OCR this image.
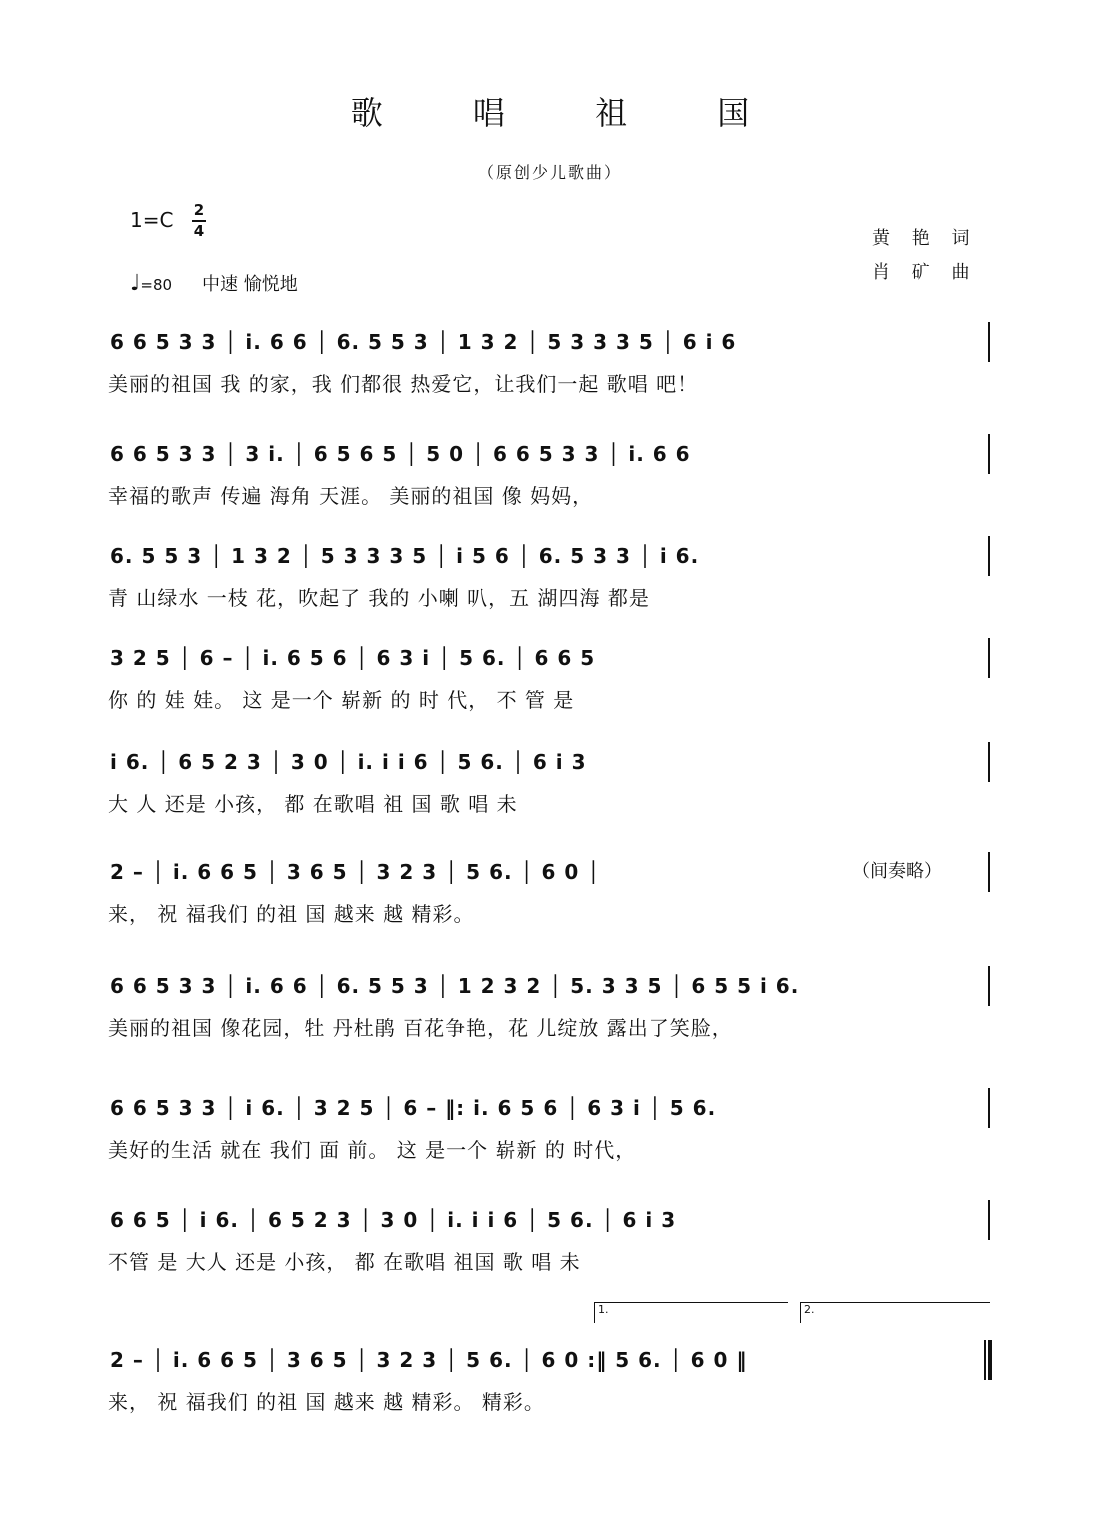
歌 唱 祖 国
（原创少儿歌曲）
1=C 2
4
♩=80 中速 愉悦地
黄 艳 词
肖 矿 曲
6 6 5 3 3 │ i. 6 6 │ 6. 5 5 3 │ 1 3 2 │ 5 3 3 3 5 │ 6 i 6
美丽的祖国 我 的家，我 们都很 热爱它，让我们一起 歌唱 吧！
6 6 5 3 3 │ 3 i. │ 6 5 6 5 │ 5 0 │ 6 6 5 3 3 │ i. 6 6
幸福的歌声 传遍 海角 天涯。 美丽的祖国 像 妈妈，
6. 5 5 3 │ 1 3 2 │ 5 3 3 3 5 │ i 5 6 │ 6. 5 3 3 │ i 6.
青 山绿水 一枝 花，吹起了 我的 小喇 叭，五 湖四海 都是
3 2 5 │ 6 – │ i. 6 5 6 │ 6 3 i │ 5 6. │ 6 6 5
你 的 娃 娃。 这 是一个 崭新 的 时 代， 不 管 是
i 6. │ 6 5 2 3 │ 3 0 │ i. i i 6 │ 5 6. │ 6 i 3
大 人 还是 小孩， 都 在歌唱 祖 国 歌 唱 未
2 – │ i. 6 6 5 │ 3 6 5 │ 3 2 3 │ 5 6. │ 6 0 │
来， 祝 福我们 的祖 国 越来 越 精彩。
（间奏略）
6 6 5 3 3 │ i. 6 6 │ 6. 5 5 3 │ 1 2 3 2 │ 5. 3 3 5 │ 6 5 5 i 6.
美丽的祖国 像花园，牡 丹杜鹃 百花争艳，花 儿绽放 露出了笑脸，
6 6 5 3 3 │ i 6. │ 3 2 5 │ 6 – ‖: i. 6 5 6 │ 6 3 i │ 5 6.
美好的生活 就在 我们 面 前。 这 是一个 崭新 的 时代，
6 6 5 │ i 6. │ 6 5 2 3 │ 3 0 │ i. i i 6 │ 5 6. │ 6 i 3
不管 是 大人 还是 小孩， 都 在歌唱 祖国 歌 唱 未
1.	2.
2 – │ i. 6 6 5 │ 3 6 5 │ 3 2 3 │ 5 6. │ 6 0 :‖ 5 6. │ 6 0 ‖
来， 祝 福我们 的祖 国 越来 越 精彩。 精彩。
